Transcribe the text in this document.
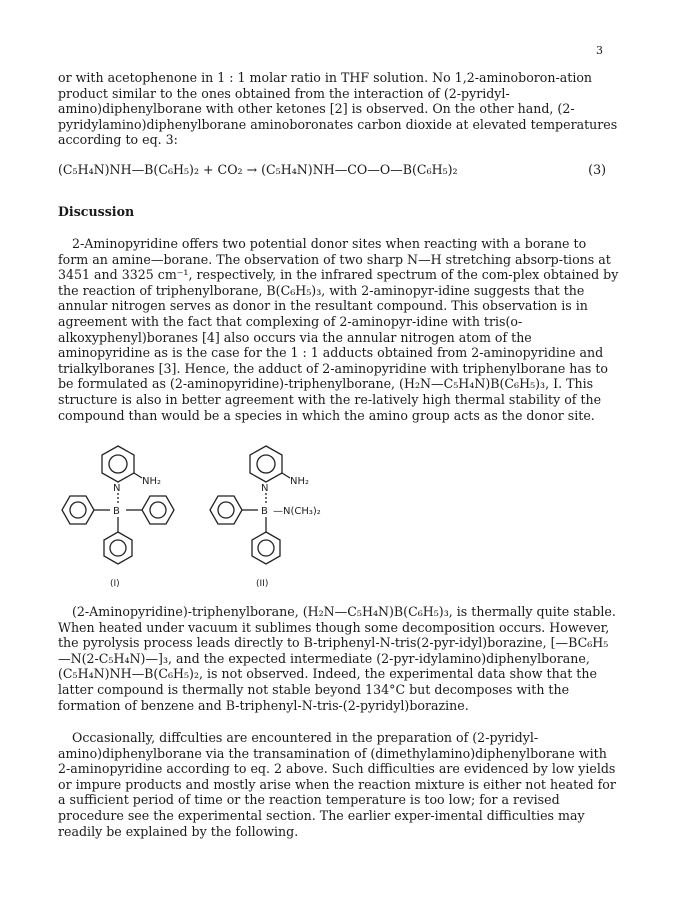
3

or with acetophenone in 1 : 1 molar ratio in THF solution. No 1,2-aminoboron-ation product similar to the ones obtained from the interaction of (2-pyridyl-amino)diphenylborane with other ketones [2] is observed. On the other hand, (2-pyridylamino)diphenylborane aminoboronates carbon dioxide at elevated temperatures according to eq. 3:

(C₅H₄N)NH—B(C₆H₅)₂ + CO₂ → (C₅H₄N)NH—CO—O—B(C₆H₅)₂	(3)
Discussion

2-Aminopyridine offers two potential donor sites when reacting with a borane to form an amine—borane. The observation of two sharp N—H stretching absorp-tions at 3451 and 3325 cm⁻¹, respectively, in the infrared spectrum of the com-plex obtained by the reaction of triphenylborane, B(C₆H₅)₃, with 2-aminopyr-idine suggests that the annular nitrogen serves as donor in the resultant compound. This observation is in agreement with the fact that complexing of 2-aminopyr-idine with tris(o-alkoxyphenyl)boranes [4] also occurs via the annular nitrogen atom of the aminopyridine as is the case for the 1 : 1 adducts obtained from 2-aminopyridine and trialkylboranes [3]. Hence, the adduct of 2-aminopyridine with triphenylborane has to be formulated as (2-aminopyridine)-triphenylborane, (H₂N—C₅H₄N)B(C₆H₅)₃, I. This structure is also in better agreement with the re-latively high thermal stability of the compound than would be a species in which the amino group acts as the donor site.

NH₂
N
B
(I)
NH₂
N
B —N(CH₃)₂
(II)

(2-Aminopyridine)-triphenylborane, (H₂N—C₅H₄N)B(C₆H₅)₃, is thermally quite stable. When heated under vacuum it sublimes though some decomposition occurs. However, the pyrolysis process leads directly to B-triphenyl-N-tris(2-pyr-idyl)borazine, [—BC₆H₅—N(2-C₅H₄N)—]₃, and the expected intermediate (2-pyr-idylamino)diphenylborane, (C₅H₄N)NH—B(C₆H₅)₂, is not observed. Indeed, the experimental data show that the latter compound is thermally not stable beyond 134°C but decomposes with the formation of benzene and B-triphenyl-N-tris-(2-pyridyl)borazine.

Occasionally, diffculties are encountered in the preparation of (2-pyridyl-amino)diphenylborane via the transamination of (dimethylamino)diphenylborane with 2-aminopyridine according to eq. 2 above. Such difficulties are evidenced by low yields or impure products and mostly arise when the reaction mixture is either not heated for a sufficient period of time or the reaction temperature is too low; for a revised procedure see the experimental section. The earlier exper-imental difficulties may readily be explained by the following.
